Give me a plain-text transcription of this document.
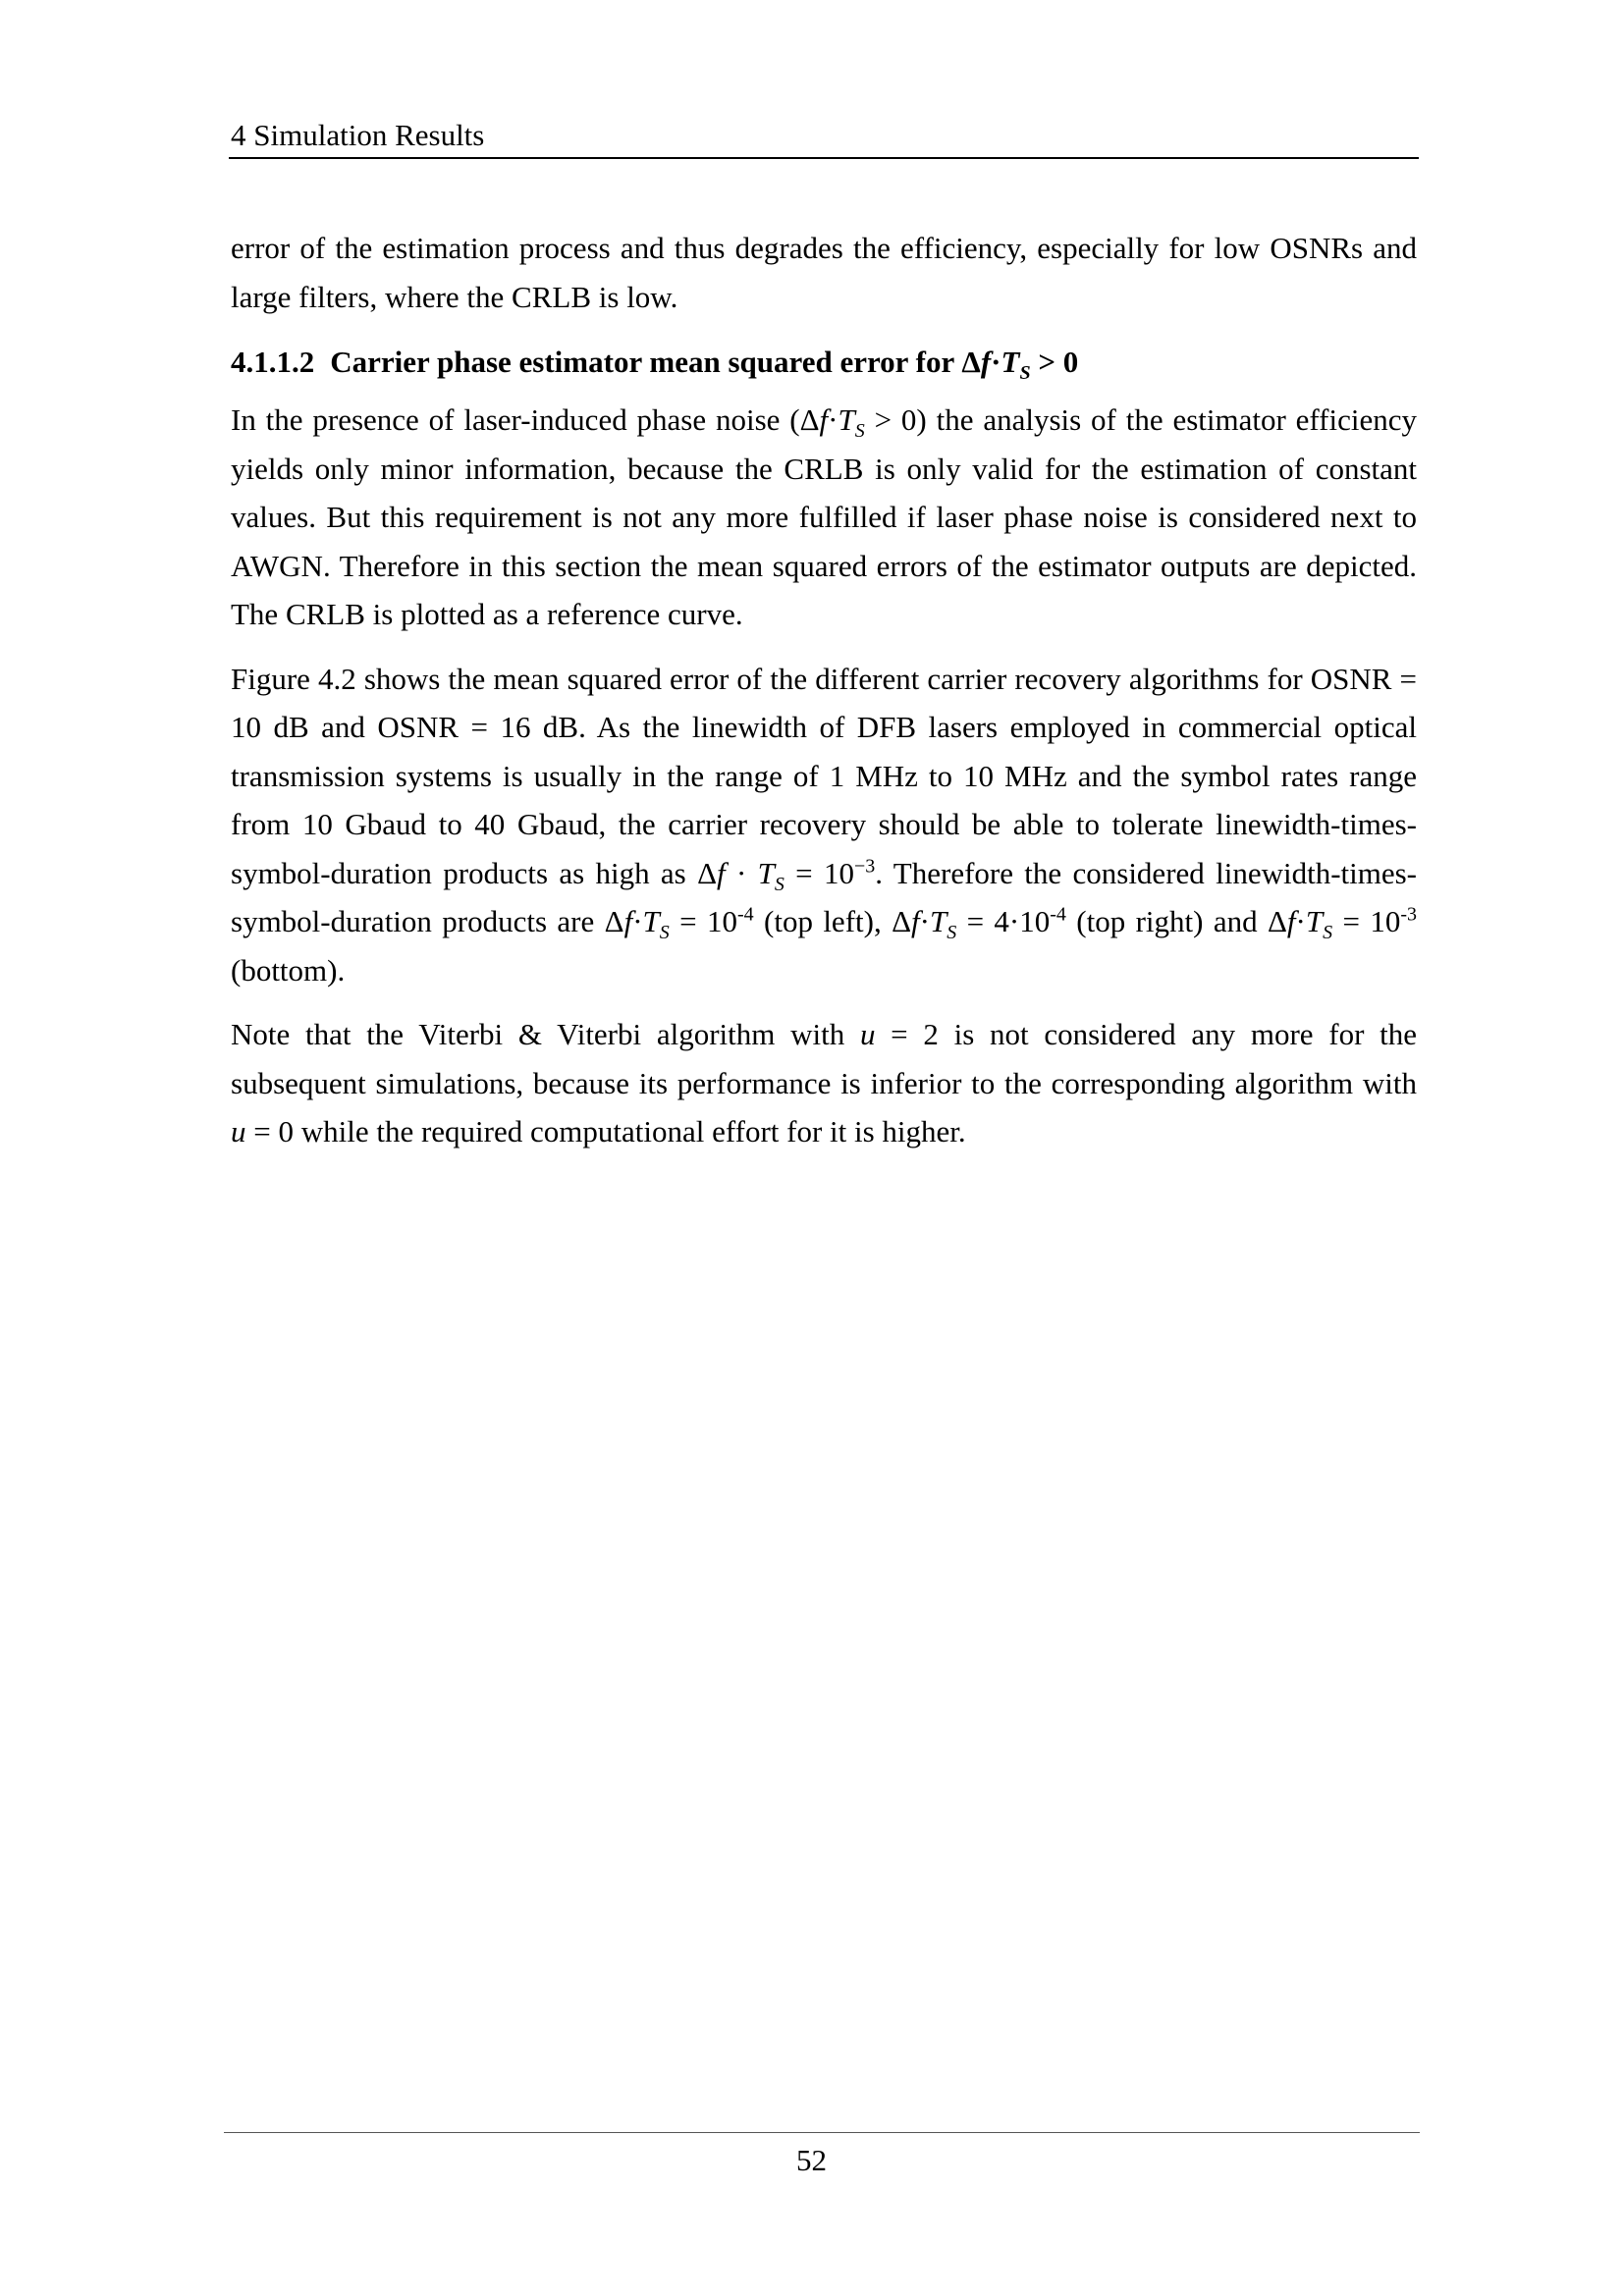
4 Simulation Results

error of the estimation process and thus degrades the efficiency, especially for low OSNRs and large filters, where the CRLB is low.

4.1.1.2 Carrier phase estimator mean squared error for $\Delta f\cdot T_S > 0$

In the presence of laser-induced phase noise $(\Delta f\cdot T_S > 0)$ the analysis of the estimator efficiency yields only minor information, because the CRLB is only valid for the estimation of constant values. But this requirement is not any more fulfilled if laser phase noise is considered next to AWGN. Therefore in this section the mean squared errors of the estimator outputs are depicted. The CRLB is plotted as a reference curve.

Figure 4.2 shows the mean squared error of the different carrier recovery algorithms for OSNR = 10 dB and OSNR = 16 dB. As the linewidth of DFB lasers employed in commercial optical transmission systems is usually in the range of 1 MHz to 10 MHz and the symbol rates range from 10 Gbaud to 40 Gbaud, the carrier recovery should be able to tolerate linewidth-times-symbol-duration products as high as $\Delta f \cdot T_S = 10^{-3}$. Therefore the considered linewidth-times-symbol-duration products are $\Delta f\cdot T_S = 10^{-4}$ (top left), $\Delta f\cdot T_S = 4\cdot 10^{-4}$ (top right) and $\Delta f\cdot T_S = 10^{-3}$ (bottom).

Note that the Viterbi & Viterbi algorithm with u = 2 is not considered any more for the subsequent simulations, because its performance is inferior to the corresponding algorithm with u = 0 while the required computational effort for it is higher.

52
